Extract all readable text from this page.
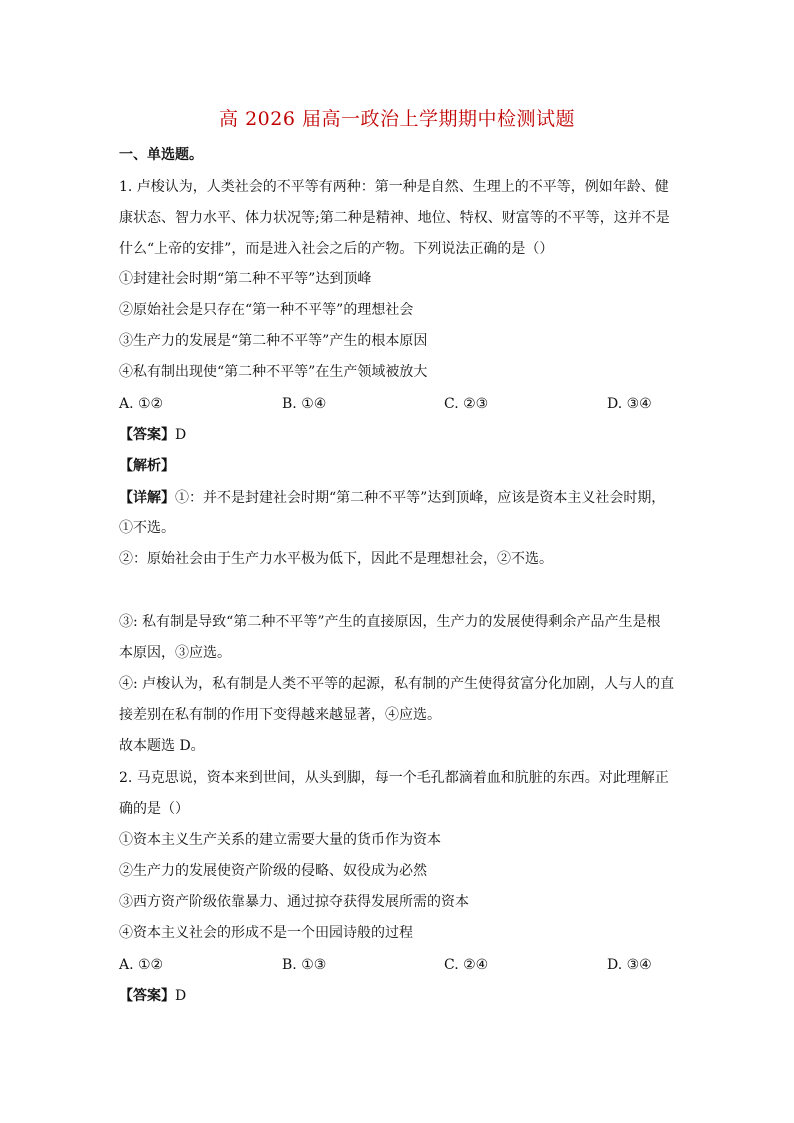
高 2026 届高一政治上学期期中检测试题
一、单选题。
1. 卢梭认为，人类社会的不平等有两种：第一种是自然、生理上的不平等，例如年龄、健
康状态、智力水平、体力状况等;第二种是精神、地位、特权、财富等的不平等，这并不是
什么“上帝的安排”，而是进入社会之后的产物。下列说法正确的是（）
①封建社会时期“第二种不平等”达到顶峰
②原始社会是只存在“第一种不平等”的理想社会
③生产力的发展是“第二种不平等”产生的根本原因
④私有制出现使“第二种不平等”在生产领域被放大
A. ①②	B. ①④	C. ②③	D. ③④
【答案】D
【解析】
【详解】①：并不是封建社会时期“第二种不平等”达到顶峰，应该是资本主义社会时期，
①不选。
②：原始社会由于生产力水平极为低下，因此不是理想社会，②不选。
③: 私有制是导致“第二种不平等”产生的直接原因，生产力的发展使得剩余产品产生是根
本原因，③应选。
④: 卢梭认为，私有制是人类不平等的起源，私有制的产生使得贫富分化加剧，人与人的直
接差别在私有制的作用下变得越来越显著，④应选。
故本题选 D。
2. 马克思说，资本来到世间，从头到脚，每一个毛孔都滴着血和肮脏的东西。对此理解正
确的是（）
①资本主义生产关系的建立需要大量的货币作为资本
②生产力的发展使资产阶级的侵略、奴役成为必然
③西方资产阶级依靠暴力、通过掠夺获得发展所需的资本
④资本主义社会的形成不是一个田园诗般的过程
A. ①②	B. ①③	C. ②④	D. ③④
【答案】D
